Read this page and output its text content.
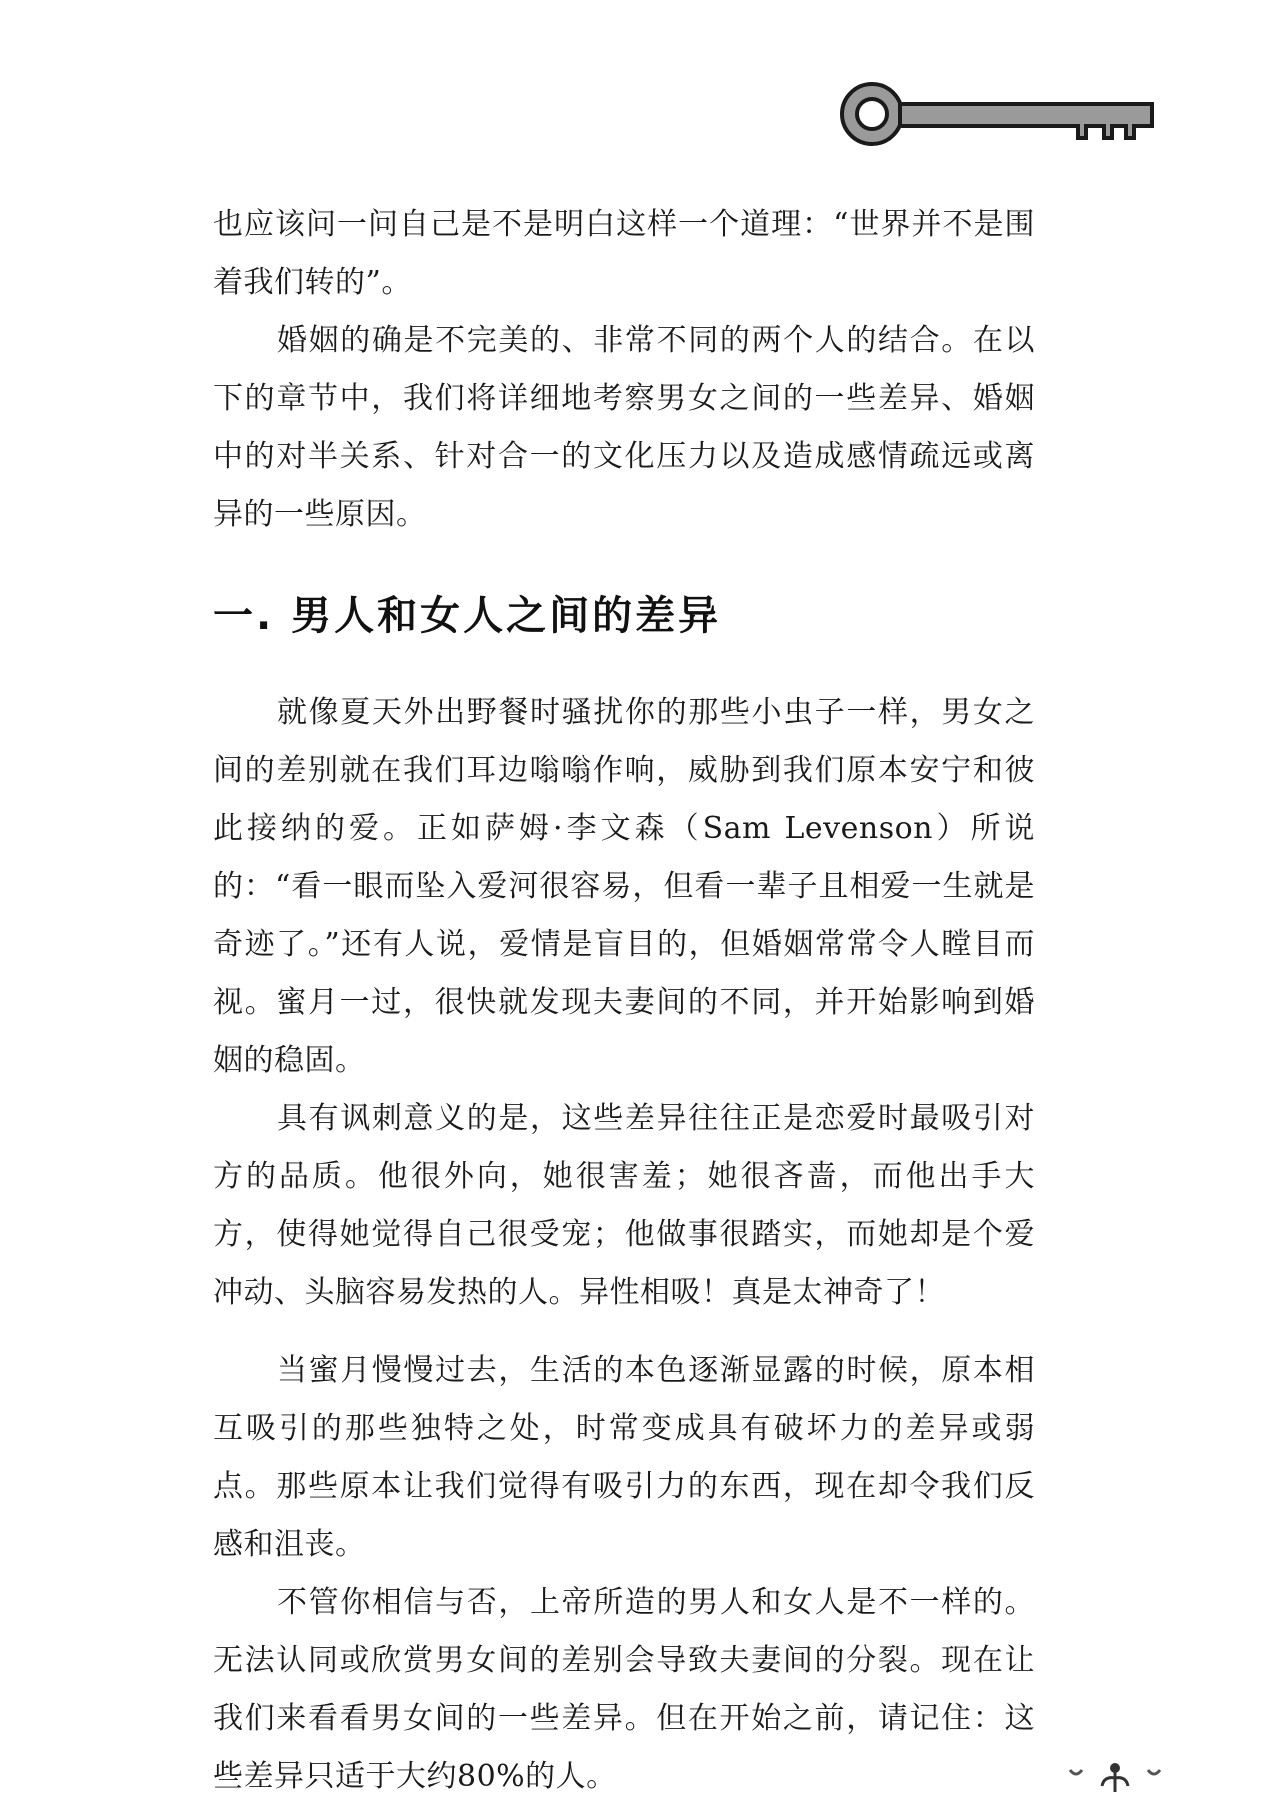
也应该问一问自己是不是明白这样一个道理：“世界并不是围着我们转的”。

婚姻的确是不完美的、非常不同的两个人的结合。在以下的章节中，我们将详细地考察男女之间的一些差异、婚姻中的对半关系、针对合一的文化压力以及造成感情疏远或离异的一些原因。

一. 男人和女人之间的差异

就像夏天外出野餐时骚扰你的那些小虫子一样，男女之间的差别就在我们耳边嗡嗡作响，威胁到我们原本安宁和彼此接纳的爱。正如萨姆·李文森（Sam Levenson）所说的：“看一眼而坠入爱河很容易，但看一辈子且相爱一生就是奇迹了。”还有人说，爱情是盲目的，但婚姻常常令人瞠目而视。蜜月一过，很快就发现夫妻间的不同，并开始影响到婚姻的稳固。

具有讽刺意义的是，这些差异往往正是恋爱时最吸引对方的品质。他很外向，她很害羞；她很吝啬，而他出手大方，使得她觉得自己很受宠；他做事很踏实，而她却是个爱冲动、头脑容易发热的人。异性相吸！真是太神奇了！

当蜜月慢慢过去，生活的本色逐渐显露的时候，原本相互吸引的那些独特之处，时常变成具有破坏力的差异或弱点。那些原本让我们觉得有吸引力的东西，现在却令我们反感和沮丧。

不管你相信与否，上帝所造的男人和女人是不一样的。无法认同或欣赏男女间的差别会导致夫妻间的分裂。现在让我们来看看男女间的一些差异。但在开始之前，请记住：这些差异只适于大约80%的人。
